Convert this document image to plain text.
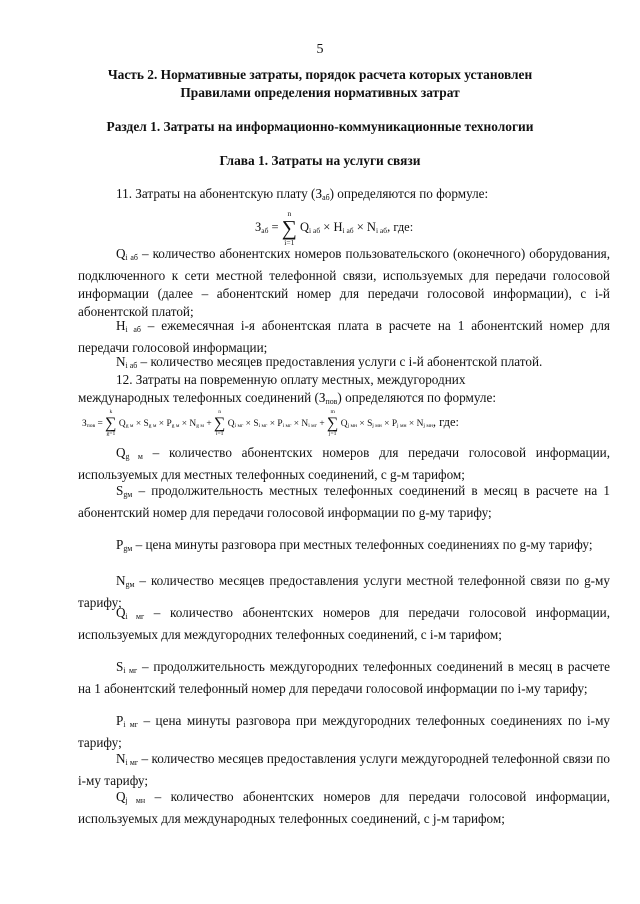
5
Часть 2. Нормативные затраты, порядок расчета которых установлен
Правилами определения нормативных затрат
Раздел 1. Затраты на информационно-коммуникационные технологии
Глава 1. Затраты на услуги связи
11. Затраты на абонентскую плату $(З_{аб})$ определяются по формуле:
$З_{аб}$ =
n
∑
i=1
$Q_{i аб} \times H_{i аб} \times N_{i аб}$, где:
$Q_{i аб}$ – количество абонентских номеров пользовательского (оконечного) оборудования, подключенного к сети местной телефонной связи, используемых для передачи голосовой информации (далее – абонентский номер для передачи голосовой информации), с i-й абонентской платой;
$H_{i аб}$ – ежемесячная i-я абонентская плата в расчете на 1 абонентский номер для передачи голосовой информации;
$N_{i аб}$ – количество месяцев предоставления услуги с i-й абонентской платой.
12. Затраты на повременную оплату местных, междугородних
международных телефонных соединений $(З_{пов})$ определяются по формуле:
$З_{пов}$ =
k
∑
g=1
$Q_{g м} \times S_{g м} \times P_{g м} \times N_{g м}$ +
n
∑
i=1
$Q_{i мг} \times S_{i мг} \times P_{i мг} \times N_{i мг}$ +
m
∑
j=1
$Q_{j мн} \times S_{j мн} \times P_{j мн} \times N_{j мн}$, где:
$Q_{g м}$ – количество абонентских номеров для передачи голосовой информации, используемых для местных телефонных соединений, с g-м тарифом;
$S_{gм}$ – продолжительность местных телефонных соединений в месяц в расчете на 1 абонентский номер для передачи голосовой информации по g-му тарифу;
$P_{gм}$ – цена минуты разговора при местных телефонных соединениях по g-му тарифу;
$N_{gм}$ – количество месяцев предоставления услуги местной телефонной связи по g-му тарифу;
$Q_{i мг}$ – количество абонентских номеров для передачи голосовой информации, используемых для междугородних телефонных соединений, с i-м тарифом;
$S_{i мг}$ – продолжительность междугородних телефонных соединений в месяц в расчете на 1 абонентский телефонный номер для передачи голосовой информации по i-му тарифу;
$P_{i мг}$ – цена минуты разговора при междугородних телефонных соединениях по i-му тарифу;
$N_{i мг}$ – количество месяцев предоставления услуги междугородней телефонной связи по i-му тарифу;
$Q_{j мн}$ – количество абонентских номеров для передачи голосовой информации, используемых для международных телефонных соединений, с j-м тарифом;
